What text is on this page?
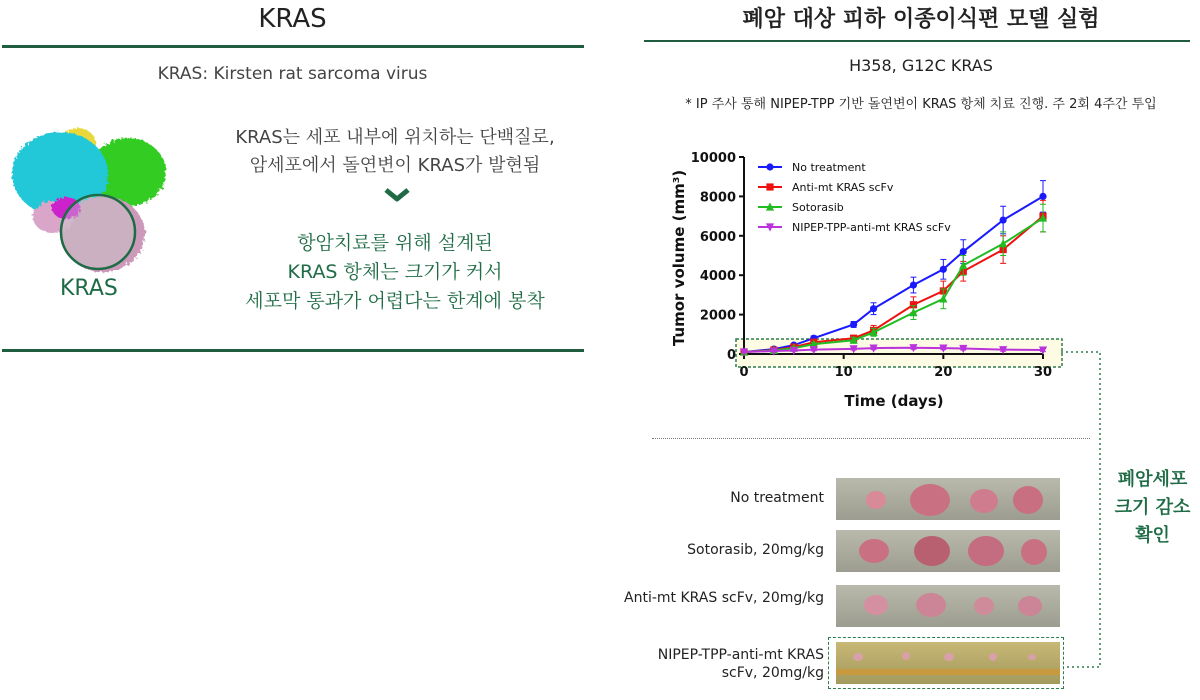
KRAS
KRAS: Kirsten rat sarcoma virus
KRAS
KRAS는 세포 내부에 위치하는 단백질로,
암세포에서 돌연변이 KRAS가 발현됨
항암치료를 위해 설계된
KRAS 항체는 크기가 커서
세포막 통과가 어렵다는 한계에 봉착
폐암 대상 피하 이종이식편 모델 실험
H358, G12C KRAS
* IP 주사 통해 NIPEP-TPP 기반 돌연변이 KRAS 항체 치료 진행. 주 2회 4주간 투입
0
2000
4000
6000
8000
10000
0	10	20	30
No treatment
Anti-mt KRAS scFv
Sotorasib
NIPEP-TPP-anti-mt KRAS scFv
Time (days)
Tumor volume (mm³)
No treatment
Sotorasib, 20mg/kg
Anti-mt KRAS scFv, 20mg/kg
NIPEP-TPP-anti-mt KRAS
scFv, 20mg/kg
폐암세포
크기 감소
확인
